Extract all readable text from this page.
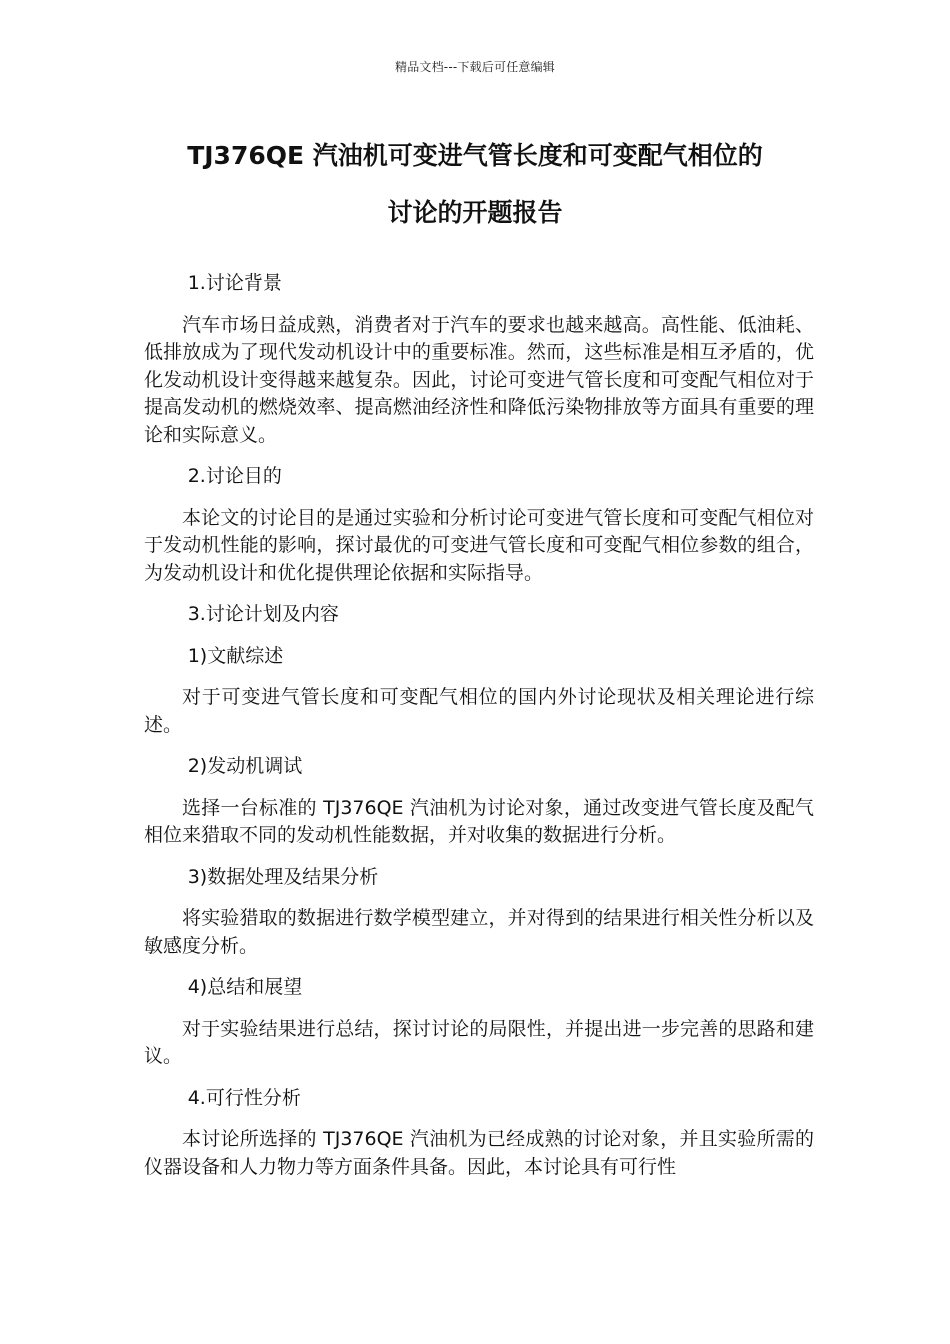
精品文档---下载后可任意编辑
TJ376QE 汽油机可变进气管长度和可变配气相位的
讨论的开题报告

1.讨论背景

汽车市场日益成熟，消费者对于汽车的要求也越来越高。高性能、低油耗、低排放成为了现代发动机设计中的重要标准。然而，这些标准是相互矛盾的，优化发动机设计变得越来越复杂。因此，讨论可变进气管长度和可变配气相位对于提高发动机的燃烧效率、提高燃油经济性和降低污染物排放等方面具有重要的理论和实际意义。

2.讨论目的

本论文的讨论目的是通过实验和分析讨论可变进气管长度和可变配气相位对于发动机性能的影响，探讨最优的可变进气管长度和可变配气相位参数的组合，为发动机设计和优化提供理论依据和实际指导。

3.讨论计划及内容

1)文献综述

对于可变进气管长度和可变配气相位的国内外讨论现状及相关理论进行综述。

2)发动机调试

选择一台标准的 TJ376QE 汽油机为讨论对象，通过改变进气管长度及配气相位来猎取不同的发动机性能数据，并对收集的数据进行分析。

3)数据处理及结果分析

将实验猎取的数据进行数学模型建立，并对得到的结果进行相关性分析以及敏感度分析。

4)总结和展望

对于实验结果进行总结，探讨讨论的局限性，并提出进一步完善的思路和建议。

4.可行性分析

本讨论所选择的 TJ376QE 汽油机为已经成熟的讨论对象，并且实验所需的仪器设备和人力物力等方面条件具备。因此，本讨论具有可行性
